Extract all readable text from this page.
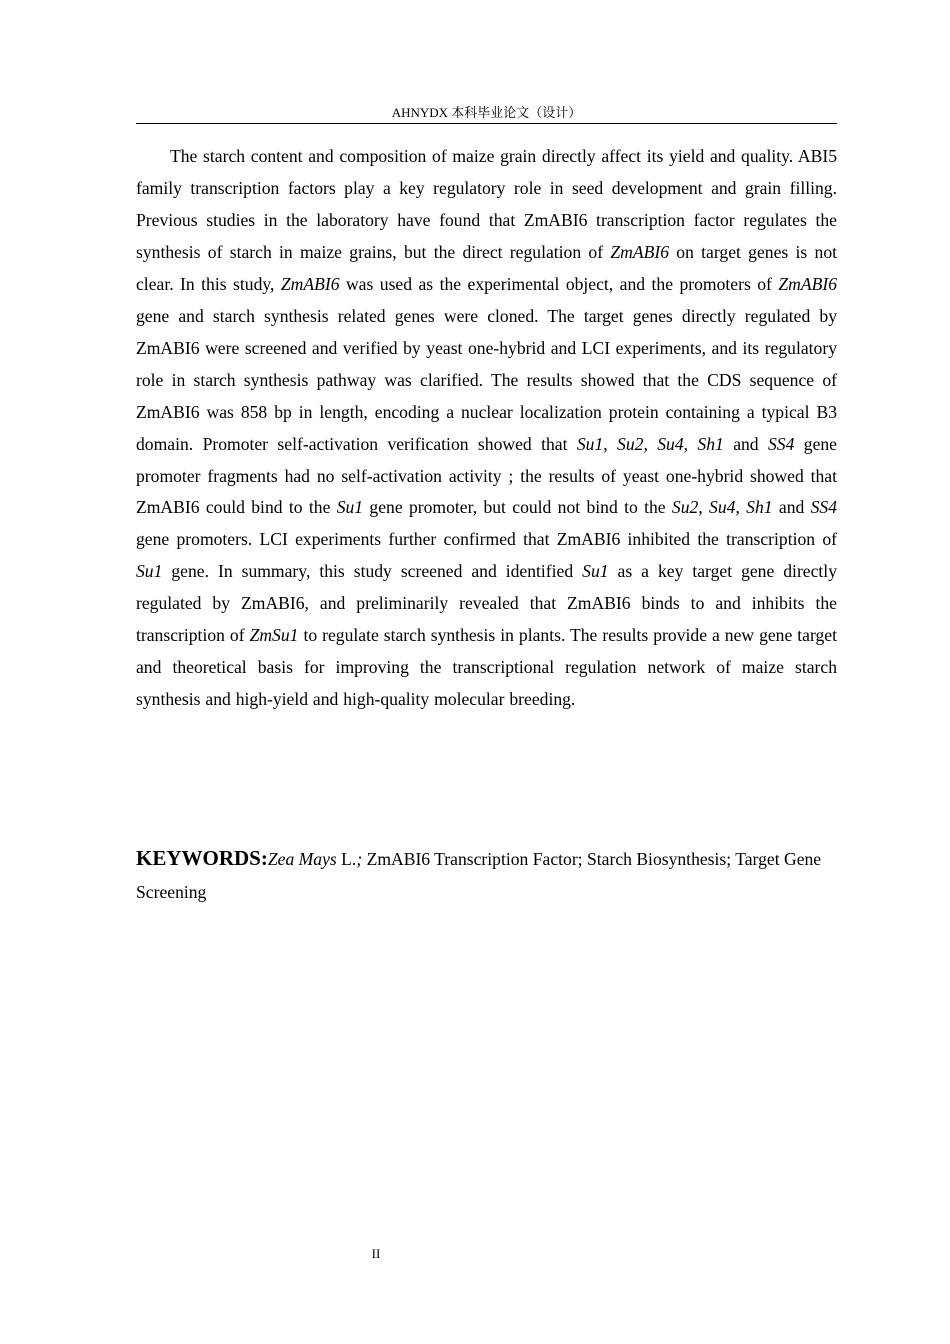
AHNYDX 本科毕业论文（设计）

The starch content and composition of maize grain directly affect its yield and quality. ABI5 family transcription factors play a key regulatory role in seed development and grain filling. Previous studies in the laboratory have found that ZmABI6 transcription factor regulates the synthesis of starch in maize grains, but the direct regulation of ZmABI6 on target genes is not clear. In this study, ZmABI6 was used as the experimental object, and the promoters of ZmABI6 gene and starch synthesis related genes were cloned. The target genes directly regulated by ZmABI6 were screened and verified by yeast one-hybrid and LCI experiments, and its regulatory role in starch synthesis pathway was clarified. The results showed that the CDS sequence of ZmABI6 was 858 bp in length, encoding a nuclear localization protein containing a typical B3 domain. Promoter self-activation verification showed that Su1, Su2, Su4, Sh1 and SS4 gene promoter fragments had no self-activation activity ; the results of yeast one-hybrid showed that ZmABI6 could bind to the Su1 gene promoter, but could not bind to the Su2, Su4, Sh1 and SS4 gene promoters. LCI experiments further confirmed that ZmABI6 inhibited the transcription of Su1 gene. In summary, this study screened and identified Su1 as a key target gene directly regulated by ZmABI6, and preliminarily revealed that ZmABI6 binds to and inhibits the transcription of ZmSu1 to regulate starch synthesis in plants. The results provide a new gene target and theoretical basis for improving the transcriptional regulation network of maize starch synthesis and high-yield and high-quality molecular breeding.

KEYWORDS:Zea Mays L.; ZmABI6 Transcription Factor; Starch Biosynthesis; Target Gene Screening

II
